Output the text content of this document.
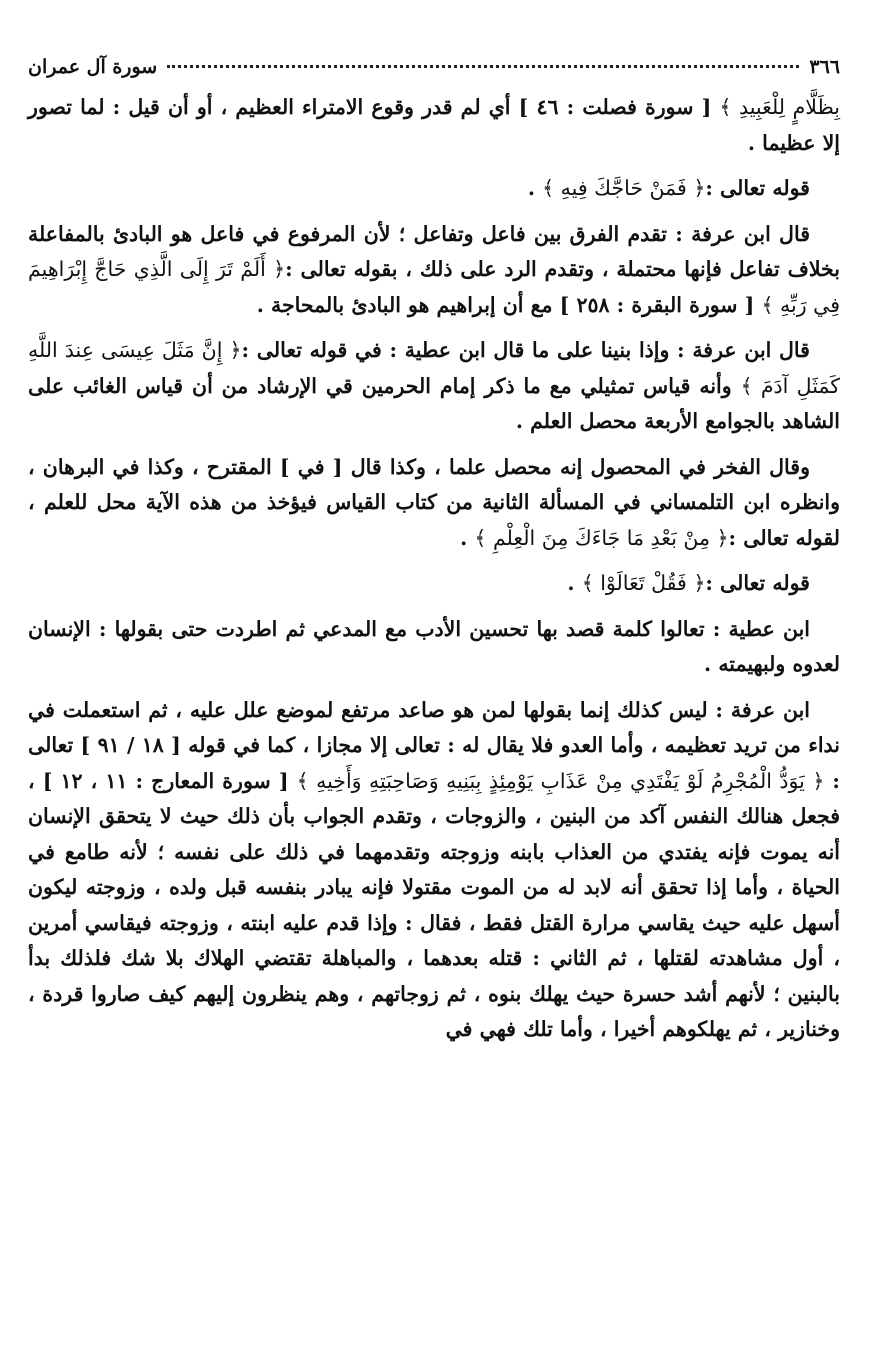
٣٦٦
سورة آل عمران

بِظَلَّامٍ لِلْعَبِيدِ ﴾ [ سورة فصلت : ٤٦ ] أي لم قدر وقوع الامتراء العظيم ، أو أن قيل : لما تصور إلا عظيما .

قوله تعالى :﴿ فَمَنْ حَاجَّكَ فِيهِ ﴾ .

قال ابن عرفة : تقدم الفرق بين فاعل وتفاعل ؛ لأن المرفوع في فاعل هو البادئ بالمفاعلة بخلاف تفاعل فإنها محتملة ، وتقدم الرد على ذلك ، بقوله تعالى :﴿ أَلَمْ تَرَ إِلَى الَّذِي حَاجَّ إِبْرَاهِيمَ فِي رَبِّهِ ﴾ [ سورة البقرة : ٢٥٨ ] مع أن إبراهيم هو البادئ بالمحاجة .

قال ابن عرفة : وإذا بنينا على ما قال ابن عطية : في قوله تعالى :﴿ إِنَّ مَثَلَ عِيسَى عِندَ اللَّهِ كَمَثَلِ آدَمَ ﴾ وأنه قياس تمثيلي مع ما ذكر إمام الحرمين قي الإرشاد من أن قياس الغائب على الشاهد بالجوامع الأربعة محصل العلم .

وقال الفخر في المحصول إنه محصل علما ، وكذا قال [ في ] المقترح ، وكذا في البرهان ، وانظره ابن التلمساني في المسألة الثانية من كتاب القياس فيؤخذ من هذه الآية محل للعلم ، لقوله تعالى :﴿ مِنْ بَعْدِ مَا جَاءَكَ مِنَ الْعِلْمِ ﴾ .

قوله تعالى :﴿ فَقُلْ تَعَالَوْا ﴾ .

ابن عطية : تعالوا كلمة قصد بها تحسين الأدب مع المدعي ثم اطردت حتى بقولها : الإنسان لعدوه ولبهيمته .

ابن عرفة : ليس كذلك إنما بقولها لمن هو صاعد مرتفع لموضع علل عليه ، ثم استعملت في نداء من تريد تعظيمه ، وأما العدو فلا يقال له : تعالى إلا مجازا ، كما في قوله [ ١٨ / ٩١ ] تعالى : ﴿ يَوَدُّ الْمُجْرِمُ لَوْ يَفْتَدِي مِنْ عَذَابِ يَوْمِئِذٍ بِبَنِيهِ وَصَاحِبَتِهِ وَأَخِيهِ ﴾ [ سورة المعارج : ١١ ، ١٢ ] ، فجعل هنالك النفس آكد من البنين ، والزوجات ، وتقدم الجواب بأن ذلك حيث لا يتحقق الإنسان أنه يموت فإنه يفتدي من العذاب بابنه وزوجته وتقدمهما في ذلك على نفسه ؛ لأنه طامع في الحياة ، وأما إذا تحقق أنه لابد له من الموت مقتولا فإنه يبادر بنفسه قبل ولده ، وزوجته ليكون أسهل عليه حيث يقاسي مرارة القتل فقط ، فقال : وإذا قدم عليه ابنته ، وزوجته فيقاسي أمرين ، أول مشاهدته لقتلها ، ثم الثاني : قتله بعدهما ، والمباهلة تقتضي الهلاك بلا شك فلذلك بدأ بالبنين ؛ لأنهم أشد حسرة حيث يهلك بنوه ، ثم زوجاتهم ، وهم ينظرون إليهم كيف صاروا قردة ، وخنازير ، ثم يهلكوهم أخيرا ، وأما تلك فهي في
